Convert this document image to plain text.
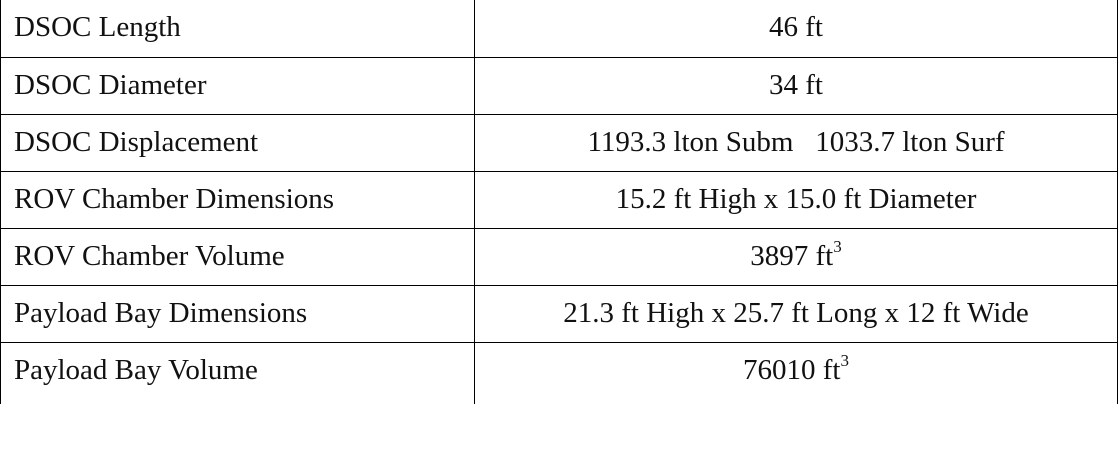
DSOC Length	46 ft
DSOC Diameter	34 ft
DSOC Displacement	1193.3 lton Subm   1033.7 lton Surf
ROV Chamber Dimensions	15.2 ft High x 15.0 ft Diameter
ROV Chamber Volume	3897 $ft^3$
Payload Bay Dimensions	21.3 ft High x 25.7 ft Long x 12 ft Wide
Payload Bay Volume	76010 $ft^3$
